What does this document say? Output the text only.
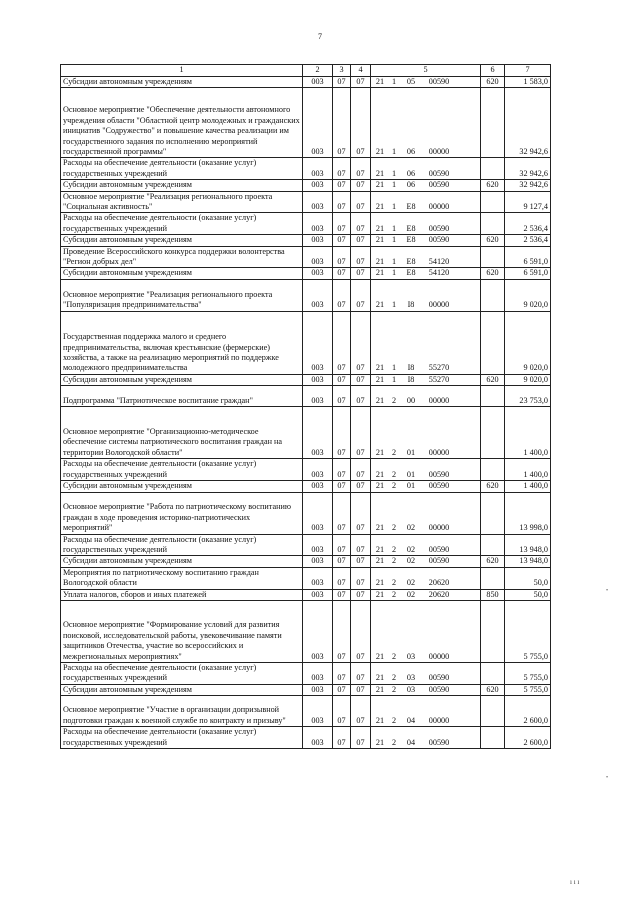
7
1	2	3	4	5	6	7
Субсидии автономным учреждениям	003	07	07	21 1 05 00590	620	1 583,0
Основное мероприятие "Обеспечение деятельности автономного учреждения области "Областной центр молодежных и гражданских инициатив "Содружество" и повышение качества реализации им государственного задания по исполнению мероприятий государственной программы"	003	07	07	21 1 06 00000		32 942,6
Расходы на обеспечение деятельности (оказание услуг) государственных учреждений	003	07	07	21 1 06 00590		32 942,6
Субсидии автономным учреждениям	003	07	07	21 1 06 00590	620	32 942,6
Основное мероприятие "Реализация регионального проекта "Социальная активность"	003	07	07	21 1 E8 00000		9 127,4
Расходы на обеспечение деятельности (оказание услуг) государственных учреждений	003	07	07	21 1 E8 00590		2 536,4
Субсидии автономным учреждениям	003	07	07	21 1 E8 00590	620	2 536,4
Проведение Всероссийского конкурса поддержки волонтерства "Регион добрых дел"	003	07	07	21 1 E8 54120		6 591,0
Субсидии автономным учреждениям	003	07	07	21 1 E8 54120	620	6 591,0
Основное мероприятие "Реализация регионального проекта "Популяризация предпринимательства"	003	07	07	21 1 I8 00000		9 020,0
Государственная поддержка малого и среднего предпринимательства, включая крестьянские (фермерские) хозяйства, а также на реализацию мероприятий по поддержке молодежного предпринимательства	003	07	07	21 1 I8 55270		9 020,0
Субсидии автономным учреждениям	003	07	07	21 1 I8 55270	620	9 020,0
Подпрограмма "Патриотическое воспитание граждан"	003	07	07	21 2 00 00000		23 753,0
Основное мероприятие "Организационно-методическое обеспечение системы патриотического воспитания граждан на территории Вологодской области"	003	07	07	21 2 01 00000		1 400,0
Расходы на обеспечение деятельности (оказание услуг) государственных учреждений	003	07	07	21 2 01 00590		1 400,0
Субсидии автономным учреждениям	003	07	07	21 2 01 00590	620	1 400,0
Основное мероприятие "Работа по патриотическому воспитанию граждан в ходе проведения историко-патриотических мероприятий"	003	07	07	21 2 02 00000		13 998,0
Расходы на обеспечение деятельности (оказание услуг) государственных учреждений	003	07	07	21 2 02 00590		13 948,0
Субсидии автономным учреждениям	003	07	07	21 2 02 00590	620	13 948,0
Мероприятия по патриотическому воспитанию граждан Вологодской области	003	07	07	21 2 02 20620		50,0
Уплата налогов, сборов и иных платежей	003	07	07	21 2 02 20620	850	50,0
Основное мероприятие "Формирование условий для развития поисковой, исследовательской работы, увековечивание памяти защитников Отечества, участие во всероссийских и межрегиональных мероприятиях"	003	07	07	21 2 03 00000		5 755,0
Расходы на обеспечение деятельности (оказание услуг) государственных учреждений	003	07	07	21 2 03 00590		5 755,0
Субсидии автономным учреждениям	003	07	07	21 2 03 00590	620	5 755,0
Основное мероприятие "Участие в организации допризывной подготовки граждан к военной службе по контракту и призыву"	003	07	07	21 2 04 00000		2 600,0
Расходы на обеспечение деятельности (оказание услуг) государственных учреждений	003	07	07	21 2 04 00590		2 600,0
•
•
ı ı ı
